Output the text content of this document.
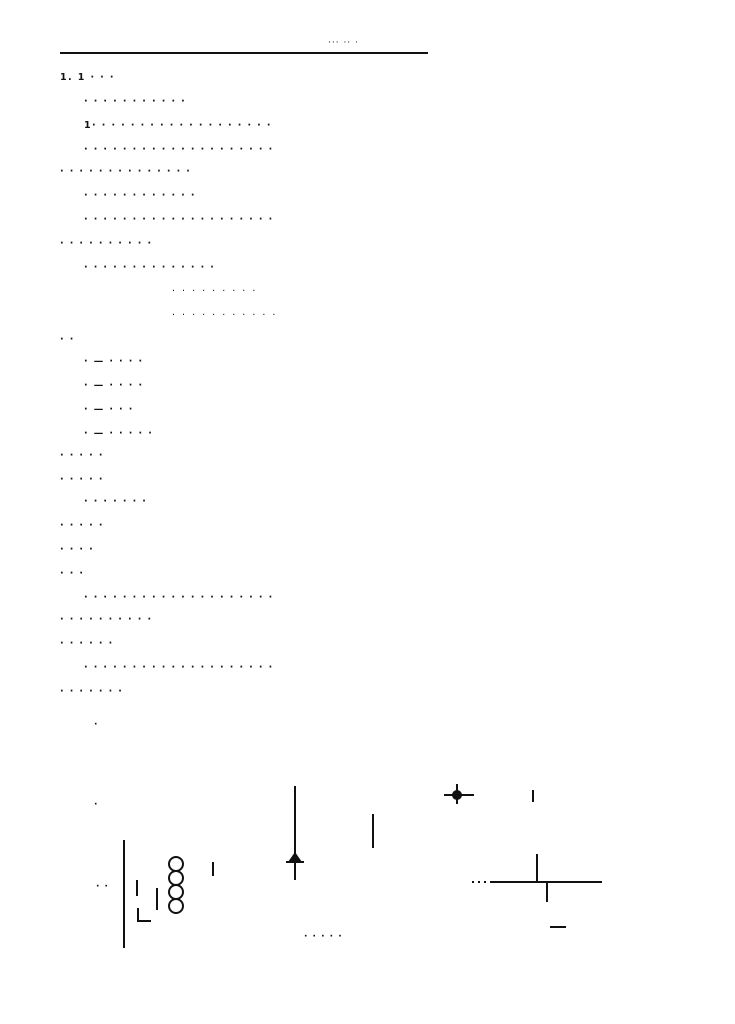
··· ·· ·
1. 1 · · ·
· · · · · · · · · · ·
1· · · · · · · · · · · · · · · · · · ·
· · · · · · · · · · · · · · · · · · · ·
· · · · · · · · · · · · · ·
· · · · · · · · · · · ·
· · · · · · · · · · · · · · · · · · · ·
· · · · · · · · · ·
· · · · · · · · · · · · · ·
· · · · · · · · ·
· · · · · · · · · · ·
· ·
· — · · · ·
· — · · · ·
· — · · ·
· — · · · · ·
· · · · ·
· · · · ·
· · · · · · ·
· · · · ·
· · · ·
· · ·
· · · · · · · · · · · · · · · · · · · ·
· · · · · · · · · ·
· · · · · ·
· · · · · · · · · · · · · · · · · · · ·
· · · · · · ·
·
·
· ·
· · · · ·
